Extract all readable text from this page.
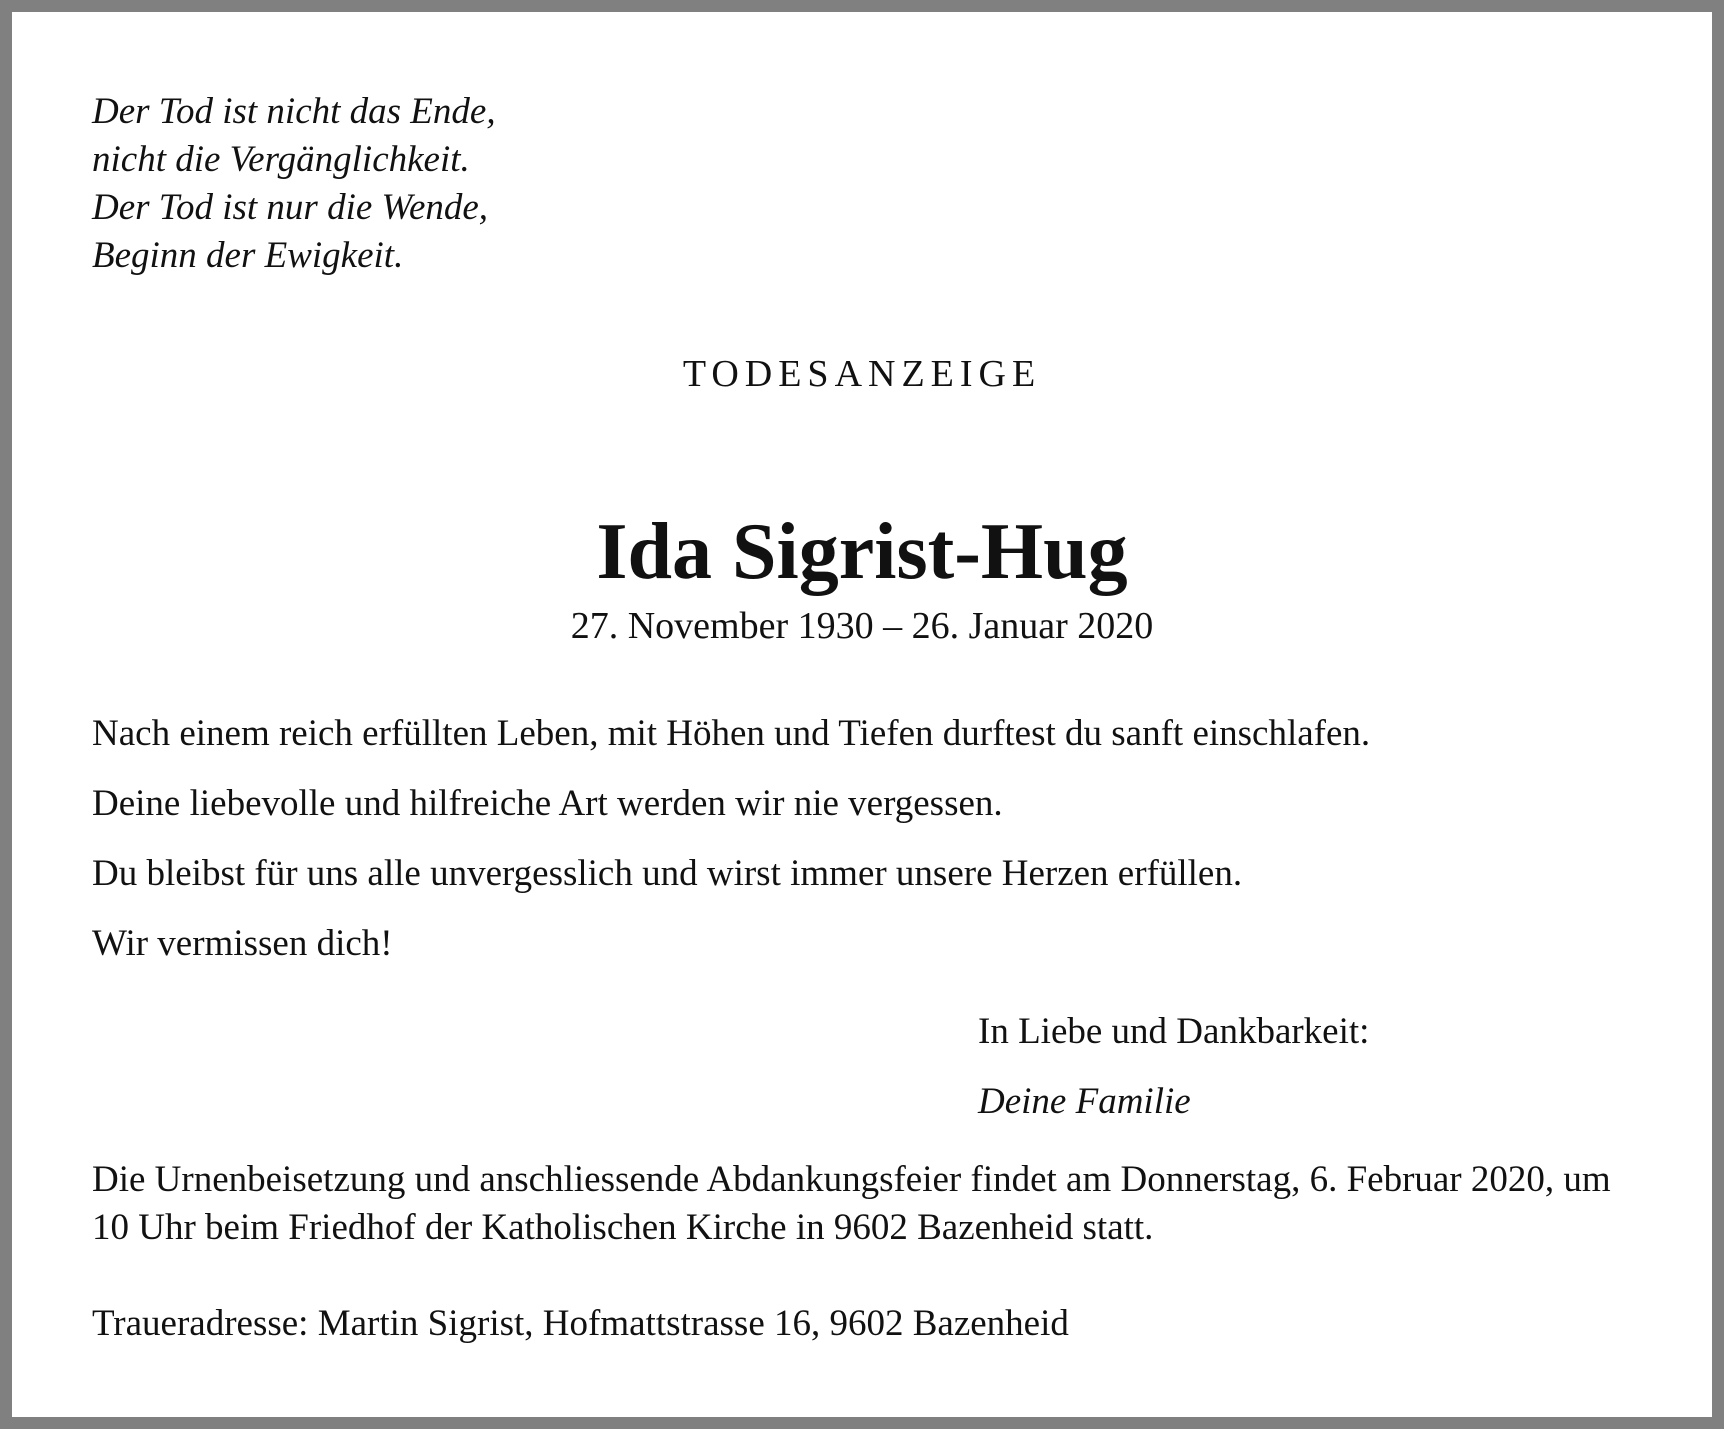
Der Tod ist nicht das Ende,
nicht die Vergänglichkeit.
Der Tod ist nur die Wende,
Beginn der Ewigkeit.
TODESANZEIGE
Ida Sigrist-Hug
27. November 1930 – 26. Januar 2020

Nach einem reich erfüllten Leben, mit Höhen und Tiefen durftest du sanft einschlafen.

Deine liebevolle und hilfreiche Art werden wir nie vergessen.

Du bleibst für uns alle unvergesslich und wirst immer unsere Herzen erfüllen.

Wir vermissen dich!

In Liebe und Dankbarkeit:
Deine Familie
Die Urnenbeisetzung und anschliessende Abdankungsfeier findet am Donnerstag, 6. Februar 2020, um 10 Uhr beim Friedhof der Katholischen Kirche in 9602 Bazenheid statt.
Traueradresse: Martin Sigrist, Hofmattstrasse 16, 9602 Bazenheid
